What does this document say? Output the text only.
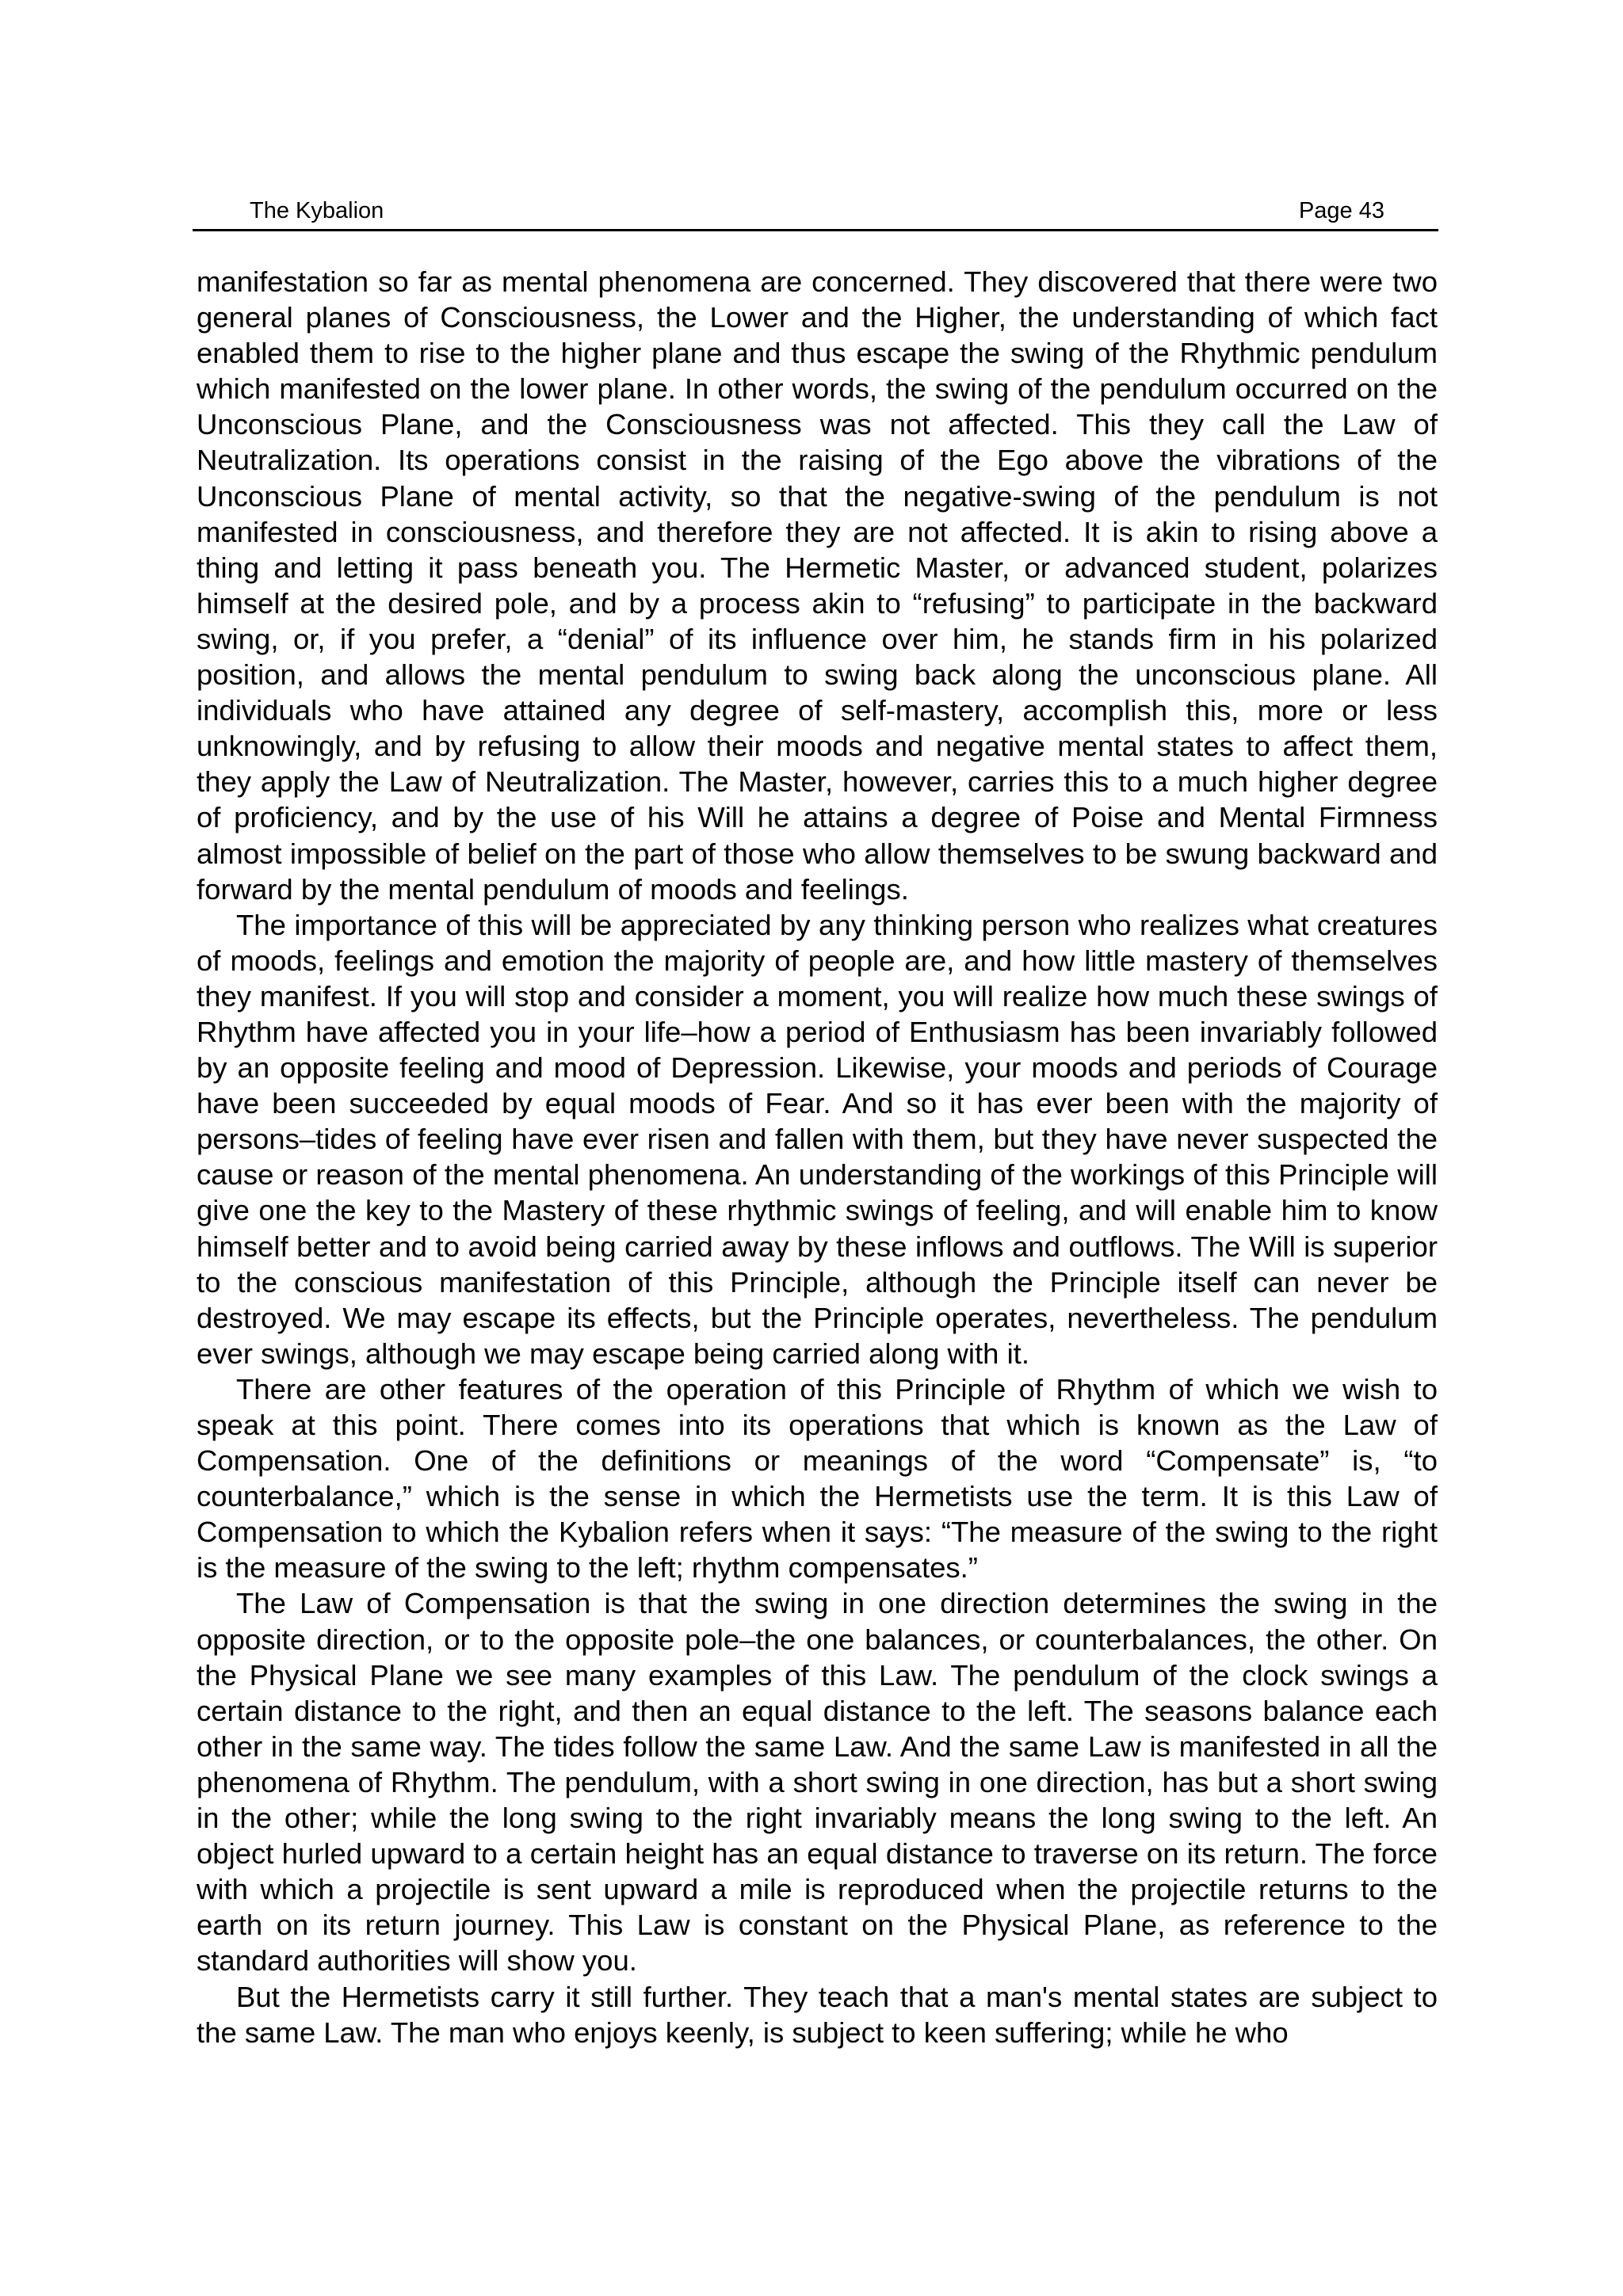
The Kybalion	Page 43

manifestation so far as mental phenomena are concerned. They discovered that there were two general planes of Consciousness, the Lower and the Higher, the understanding of which fact enabled them to rise to the higher plane and thus escape the swing of the Rhythmic pendulum which manifested on the lower plane. In other words, the swing of the pendulum occurred on the Unconscious Plane, and the Consciousness was not affected. This they call the Law of Neutralization. Its operations consist in the raising of the Ego above the vibrations of the Unconscious Plane of mental activity, so that the negative-swing of the pendulum is not manifested in consciousness, and therefore they are not affected. It is akin to rising above a thing and letting it pass beneath you. The Hermetic Master, or advanced student, polarizes himself at the desired pole, and by a process akin to “refusing” to participate in the backward swing, or, if you prefer, a “denial” of its influence over him, he stands firm in his polarized position, and allows the mental pendulum to swing back along the unconscious plane. All individuals who have attained any degree of self-mastery, accomplish this, more or less unknowingly, and by refusing to allow their moods and negative mental states to affect them, they apply the Law of Neutralization. The Master, however, carries this to a much higher degree of proficiency, and by the use of his Will he attains a degree of Poise and Mental Firmness almost impossible of belief on the part of those who allow themselves to be swung backward and forward by the mental pendulum of moods and feelings.

The importance of this will be appreciated by any thinking person who realizes what creatures of moods, feelings and emotion the majority of people are, and how little mastery of themselves they manifest. If you will stop and consider a moment, you will realize how much these swings of Rhythm have affected you in your life–how a period of Enthusiasm has been invariably followed by an opposite feeling and mood of Depression. Likewise, your moods and periods of Courage have been succeeded by equal moods of Fear. And so it has ever been with the majority of persons–tides of feeling have ever risen and fallen with them, but they have never suspected the cause or reason of the mental phenomena. An understanding of the workings of this Principle will give one the key to the Mastery of these rhythmic swings of feeling, and will enable him to know himself better and to avoid being carried away by these inflows and outflows. The Will is superior to the conscious manifestation of this Principle, although the Principle itself can never be destroyed. We may escape its effects, but the Principle operates, nevertheless. The pendulum ever swings, although we may escape being carried along with it.

There are other features of the operation of this Principle of Rhythm of which we wish to speak at this point. There comes into its operations that which is known as the Law of Compensation. One of the definitions or meanings of the word “Compensate” is, “to counterbalance,” which is the sense in which the Hermetists use the term. It is this Law of Compensation to which the Kybalion refers when it says: “The measure of the swing to the right is the measure of the swing to the left; rhythm compensates.”

The Law of Compensation is that the swing in one direction determines the swing in the opposite direction, or to the opposite pole–the one balances, or counterbalances, the other. On the Physical Plane we see many examples of this Law. The pendulum of the clock swings a certain distance to the right, and then an equal distance to the left. The seasons balance each other in the same way. The tides follow the same Law. And the same Law is manifested in all the phenomena of Rhythm. The pendulum, with a short swing in one direction, has but a short swing in the other; while the long swing to the right invariably means the long swing to the left. An object hurled upward to a certain height has an equal distance to traverse on its return. The force with which a projectile is sent upward a mile is reproduced when the projectile returns to the earth on its return journey. This Law is constant on the Physical Plane, as reference to the standard authorities will show you.

But the Hermetists carry it still further. They teach that a man's mental states are subject to the same Law. The man who enjoys keenly, is subject to keen suffering; while he who
